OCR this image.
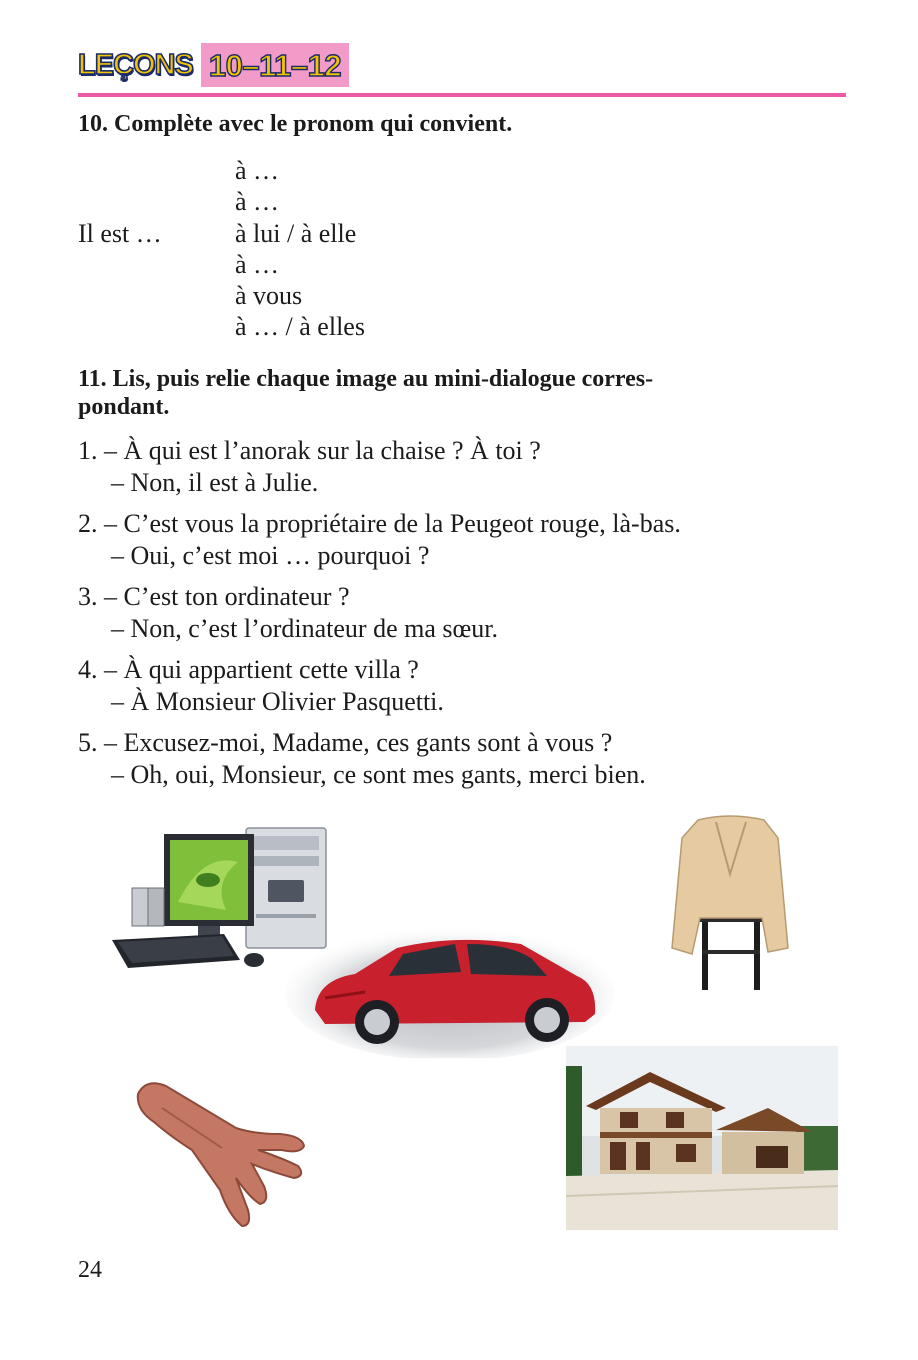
LEÇONS 10–11–12
10. Complète avec le pronom qui convient.
Il est …
à …
à …
à lui / à elle
à …
à vous
à … / à elles
11. Lis, puis relie chaque image au mini-dialogue corres-
pondant.
1. – À qui est l’anorak sur la chaise ? À toi ?
– Non, il est à Julie.
2. – C’est vous la propriétaire de la Peugeot rouge, là-bas.
– Oui, c’est moi … pourquoi ?
3. – C’est ton ordinateur ?
– Non, c’est l’ordinateur de ma sœur.
4. – À qui appartient cette villa ?
– À Monsieur Olivier Pasquetti.
5. – Excusez-moi, Madame, ces gants sont à vous ?
– Oh, oui, Monsieur, ce sont mes gants, merci bien.
24
